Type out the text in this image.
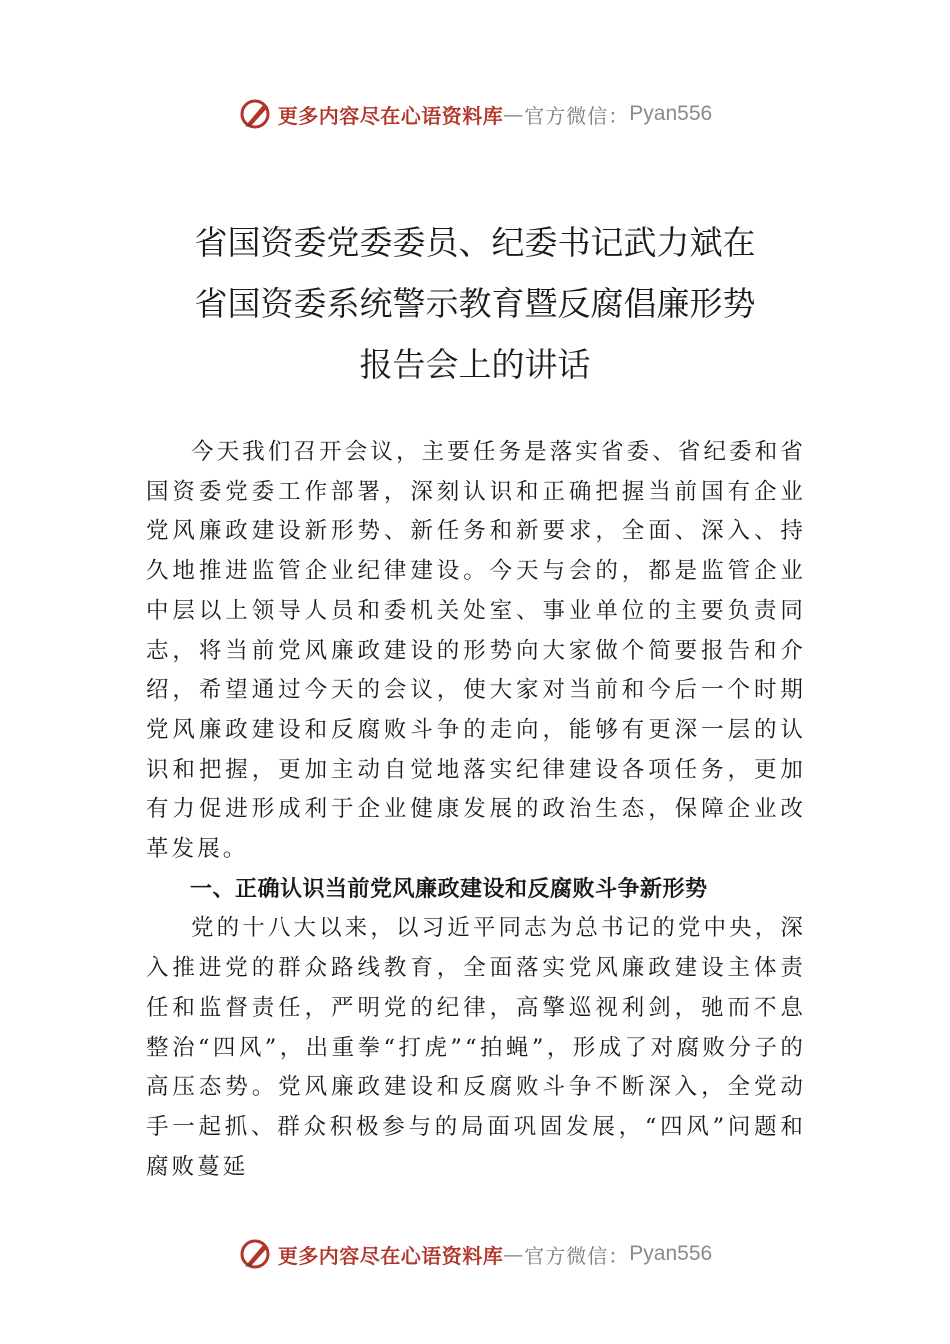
更多内容尽在心语资料库 — 官方微信： Pyan556
省国资委党委委员、纪委书记武力斌在
省国资委系统警示教育暨反腐倡廉形势
报告会上的讲话

今天我们召开会议，主要任务是落实省委、省纪委和省国资委党委工作部署，深刻认识和正确把握当前国有企业党风廉政建设新形势、新任务和新要求，全面、深入、持久地推进监管企业纪律建设。今天与会的，都是监管企业中层以上领导人员和委机关处室、事业单位的主要负责同志，将当前党风廉政建设的形势向大家做个简要报告和介绍，希望通过今天的会议，使大家对当前和今后一个时期党风廉政建设和反腐败斗争的走向，能够有更深一层的认识和把握，更加主动自觉地落实纪律建设各项任务，更加有力促进形成利于企业健康发展的政治生态，保障企业改革发展。

一、正确认识当前党风廉政建设和反腐败斗争新形势

党的十八大以来，以习近平同志为总书记的党中央，深入推进党的群众路线教育，全面落实党风廉政建设主体责任和监督责任，严明党的纪律，高擎巡视利剑，驰而不息整治“四风”，出重拳“打虎”“拍蝇”，形成了对腐败分子的高压态势。党风廉政建设和反腐败斗争不断深入，全党动手一起抓、群众积极参与的局面巩固发展，“四风”问题和腐败蔓延

更多内容尽在心语资料库 — 官方微信： Pyan556
